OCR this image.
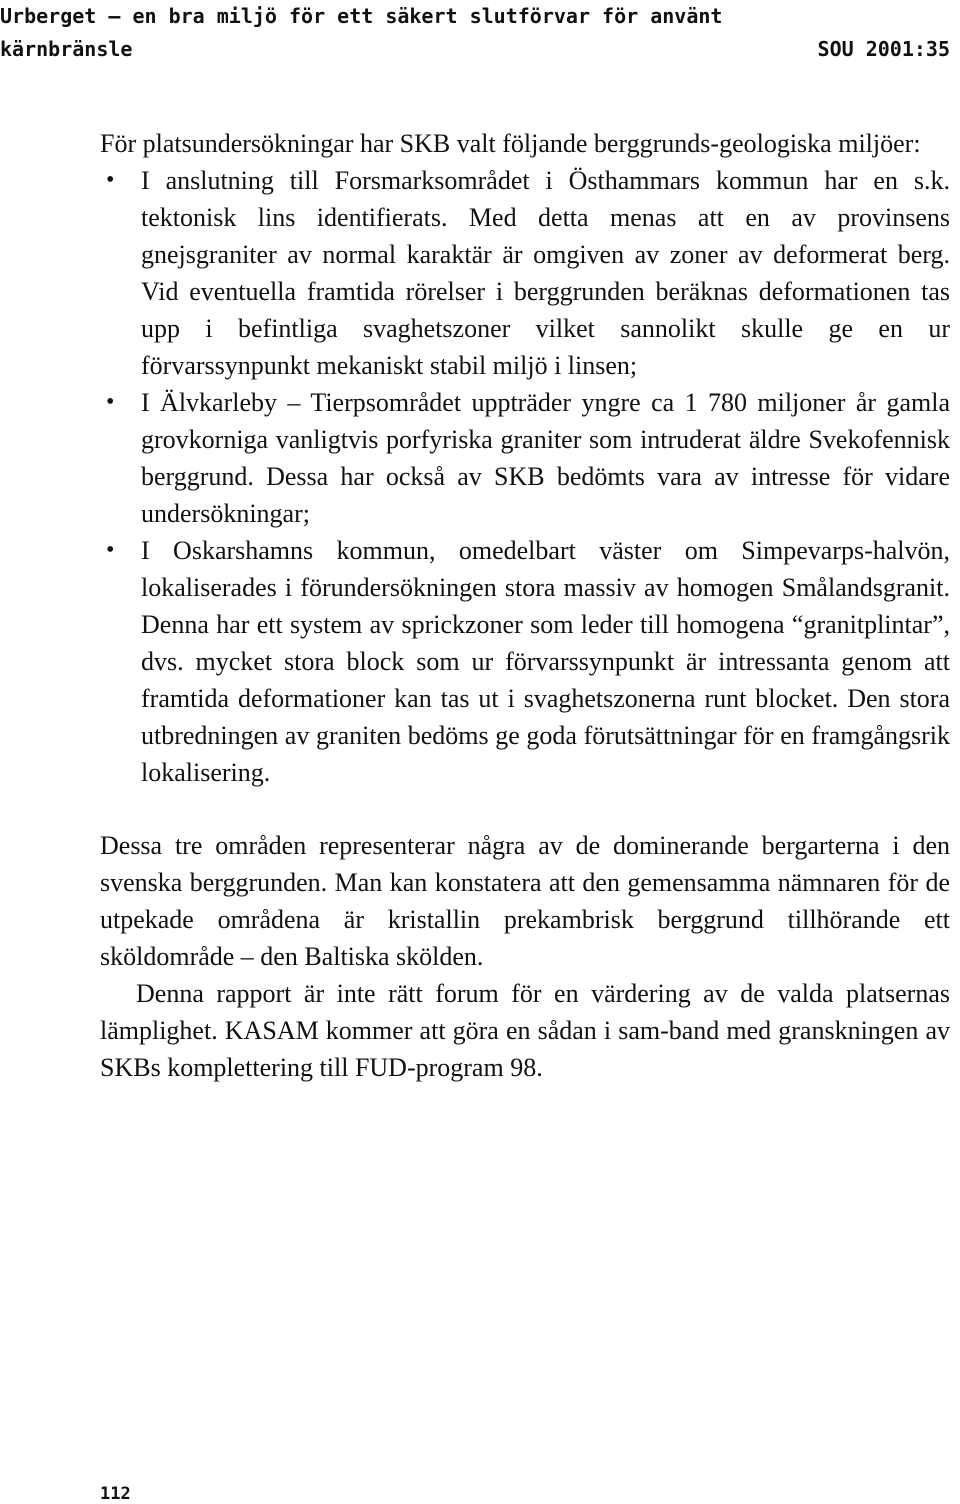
Urberget – en bra miljö för ett säkert slutförvar för använt
kärnbränsle	SOU 2001:35

För platsundersökningar har SKB valt följande berggrunds-geologiska miljöer:

• I anslutning till Forsmarksområdet i Östhammars kommun har en s.k. tektonisk lins identifierats. Med detta menas att en av provinsens gnejsgraniter av normal karaktär är omgiven av zoner av deformerat berg. Vid eventuella framtida rörelser i berggrunden beräknas deformationen tas upp i befintliga svaghetszoner vilket sannolikt skulle ge en ur förvarssynpunkt mekaniskt stabil miljö i linsen;
• I Älvkarleby – Tierpsområdet uppträder yngre ca 1 780 miljoner år gamla grovkorniga vanligtvis porfyriska graniter som intruderat äldre Svekofennisk berggrund. Dessa har också av SKB bedömts vara av intresse för vidare undersökningar;
• I Oskarshamns kommun, omedelbart väster om Simpevarps-halvön, lokaliserades i förundersökningen stora massiv av homogen Smålandsgranit. Denna har ett system av sprickzoner som leder till homogena “granitplintar”, dvs. mycket stora block som ur förvarssynpunkt är intressanta genom att framtida deformationer kan tas ut i svaghetszonerna runt blocket. Den stora utbredningen av graniten bedöms ge goda förutsättningar för en framgångsrik lokalisering.

Dessa tre områden representerar några av de dominerande bergarterna i den svenska berggrunden. Man kan konstatera att den gemensamma nämnaren för de utpekade områdena är kristallin prekambrisk berggrund tillhörande ett sköldområde – den Baltiska skölden.

Denna rapport är inte rätt forum för en värdering av de valda platsernas lämplighet. KASAM kommer att göra en sådan i sam-band med granskningen av SKBs komplettering till FUD-program 98.

112
